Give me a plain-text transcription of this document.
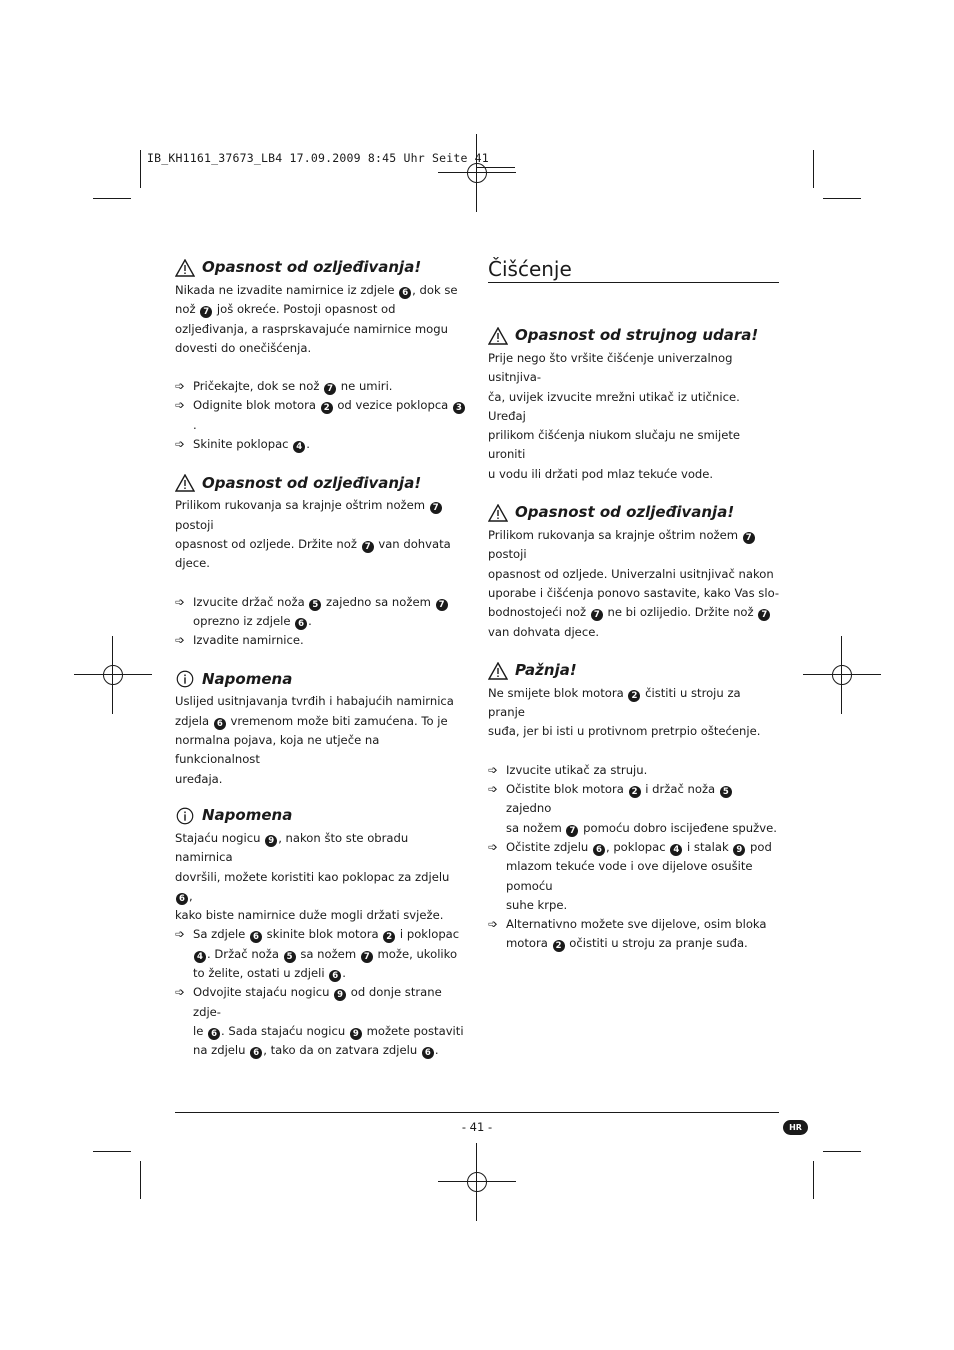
IB_KH1161_37673_LB4 17.09.2009 8:45 Uhr Seite 41
Opasnost od ozljeđivanja!

Nikada ne izvadite namirnice iz zdjele 6 , dok se

nož 7 još okreće. Postoji opasnost od

ozljeđivanja, a rasprskavajuće namirnice mogu

dovesti do onečišćenja.

➩ Pričekajte, dok se nož 7 ne umiri.
➩ Odignite blok motora 2 od vezice poklopca 3.
➩ Skinite poklopac 4 .
Opasnost od ozljeđivanja!

Prilikom rukovanja sa krajnje oštrim nožem 7 postoji

opasnost od ozljede. Držite nož 7 van dohvata

djece.

➩ Izvucite držač noža 5 zajedno sa nožem 7
oprezno iz zdjele 6 .
➩ Izvadite namirnice.
Napomena

Uslijed usitnjavanja tvrđih i habajućih namirnica

zdjela 6 vremenom može biti zamućena. To je

normalna pojava, koja ne utječe na funkcionalnost

uređaja.

Napomena

Stajaću nogicu 9 , nakon što ste obradu namirnica

dovršili, možete koristiti kao poklopac za zdjelu 6 ,

kako biste namirnice duže mogli držati svježe.

➩ Sa zdjele 6 skinite blok motora 2 i poklopac
4 . Držač noža 5 sa nožem 7 može, ukoliko
to želite, ostati u zdjeli 6 .
➩ Odvojite stajaću nogicu 9 od donje strane zdje-
le 6 . Sada stajaću nogicu 9 možete postaviti
na zdjelu 6 , tako da on zatvara zdjelu 6 .
Čišćenje
Opasnost od strujnog udara!

Prije nego što vršite čišćenje univerzalnog usitnjiva-

ča, uvijek izvucite mrežni utikač iz utičnice. Uređaj

prilikom čišćenja niukom slučaju ne smijete uroniti

u vodu ili držati pod mlaz tekuće vode.

Opasnost od ozljeđivanja!

Prilikom rukovanja sa krajnje oštrim nožem 7 postoji

opasnost od ozljede. Univerzalni usitnjivač nakon

uporabe i čišćenja ponovo sastavite, kako Vas slo-

bodnostojeći nož 7 ne bi ozlijedio. Držite nož 7

van dohvata djece.

Pažnja!

Ne smijete blok motora 2 čistiti u stroju za pranje

suđa, jer bi isti u protivnom pretrpio oštećenje.

➩ Izvucite utikač za struju.
➩ Očistite blok motora 2 i držač noža 5 zajedno
sa nožem 7 pomoću dobro iscijeđene spužve.
➩ Očistite zdjelu 6 , poklopac 4 i stalak 9 pod
mlazom tekuće vode i ove dijelove osušite pomoću
suhe krpe.
➩ Alternativno možete sve dijelove, osim bloka
motora 2 očistiti u stroju za pranje suđa.
- 41 -	HR
